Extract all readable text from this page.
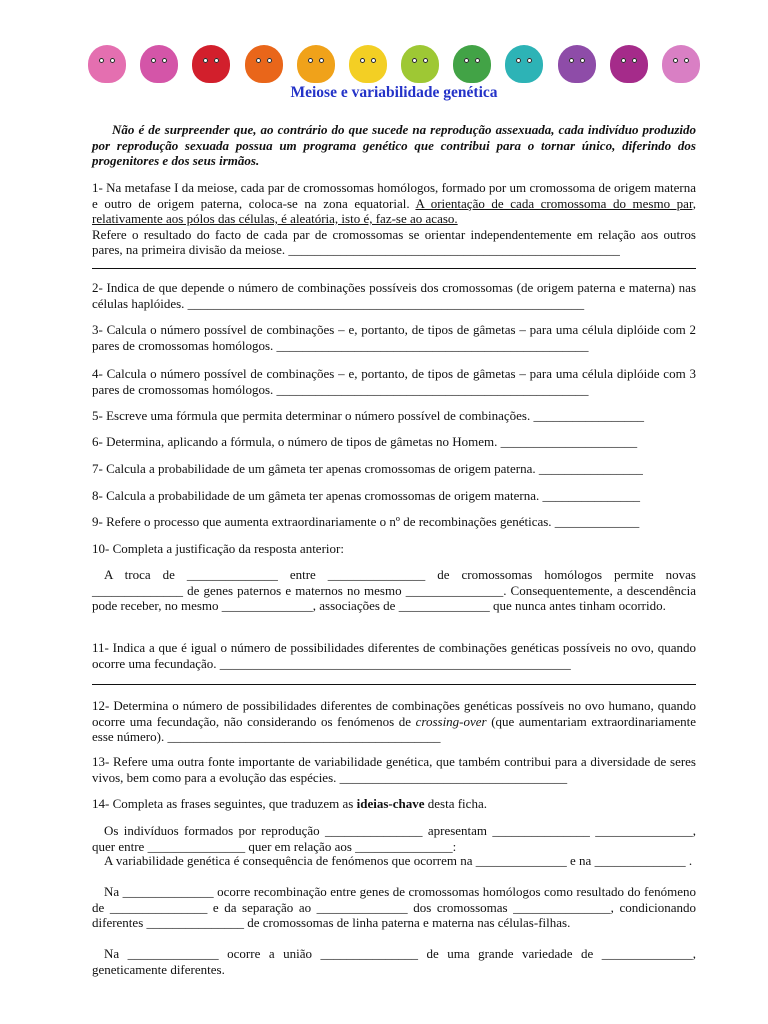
Meiose e variabilidade genética

Não é de surpreender que, ao contrário do que sucede na reprodução assexuada, cada indivíduo produzido por reprodução sexuada possua um programa genético que contribui para o tornar único, diferindo dos progenitores e dos seus irmãos.

1- Na metafase I da meiose, cada par de cromossomas homólogos, formado por um cromossoma de origem materna e outro de origem paterna, coloca-se na zona equatorial. A orientação de cada cromossoma do mesmo par, relativamente aos pólos das células, é aleatória, isto é, faz-se ao acaso.
Refere o resultado do facto de cada par de cromossomas se orientar independentemente em relação aos outros pares, na primeira divisão da meiose. ___________________________________________________

2- Indica de que depende o número de combinações possíveis dos cromossomas (de origem paterna e materna) nas células haplóides. _____________________________________________________________

3- Calcula o número possível de combinações – e, portanto, de tipos de gâmetas – para uma célula diplóide com 2 pares de cromossomas homólogos. ________________________________________________

4- Calcula o número possível de combinações – e, portanto, de tipos de gâmetas – para uma célula diplóide com 3 pares de cromossomas homólogos. ________________________________________________

5- Escreve uma fórmula que permita determinar o número possível de combinações. _________________

6- Determina, aplicando a fórmula, o número de tipos de gâmetas no Homem. _____________________

7- Calcula a probabilidade de um gâmeta ter apenas cromossomas de origem paterna. ________________

8- Calcula a probabilidade de um gâmeta ter apenas cromossomas de origem materna. _______________

9- Refere o processo que aumenta extraordinariamente o nº de recombinações genéticas. _____________

10- Completa a justificação da resposta anterior:

A troca de ______________ entre _______________ de cromossomas homólogos permite novas ______________ de genes paternos e maternos no mesmo _______________. Consequentemente, a descendência pode receber, no mesmo ______________, associações de ______________ que nunca antes tinham ocorrido.

11- Indica a que é igual o número de possibilidades diferentes de combinações genéticas possíveis no ovo, quando ocorre uma fecundação. ______________________________________________________

12- Determina o número de possibilidades diferentes de combinações genéticas possíveis no ovo humano, quando ocorre uma fecundação, não considerando os fenómenos de crossing-over (que aumentariam extraordinariamente esse número). __________________________________________

13- Refere uma outra fonte importante de variabilidade genética, que também contribui para a diversidade de seres vivos, bem como para a evolução das espécies. ___________________________________

14- Completa as frases seguintes, que traduzem as ideias-chave desta ficha.

Os indivíduos formados por reprodução _______________ apresentam _______________ _______________, quer entre _______________ quer em relação aos _______________:

A variabilidade genética é consequência de fenómenos que ocorrem na ______________ e na ______________ .

Na ______________ ocorre recombinação entre genes de cromossomas homólogos como resultado do fenómeno de _______________ e da separação ao ______________ dos cromossomas _______________, condicionando diferentes _______________ de cromossomas de linha paterna e materna nas células-filhas.

Na ______________ ocorre a união _______________ de uma grande variedade de ______________, geneticamente diferentes.
